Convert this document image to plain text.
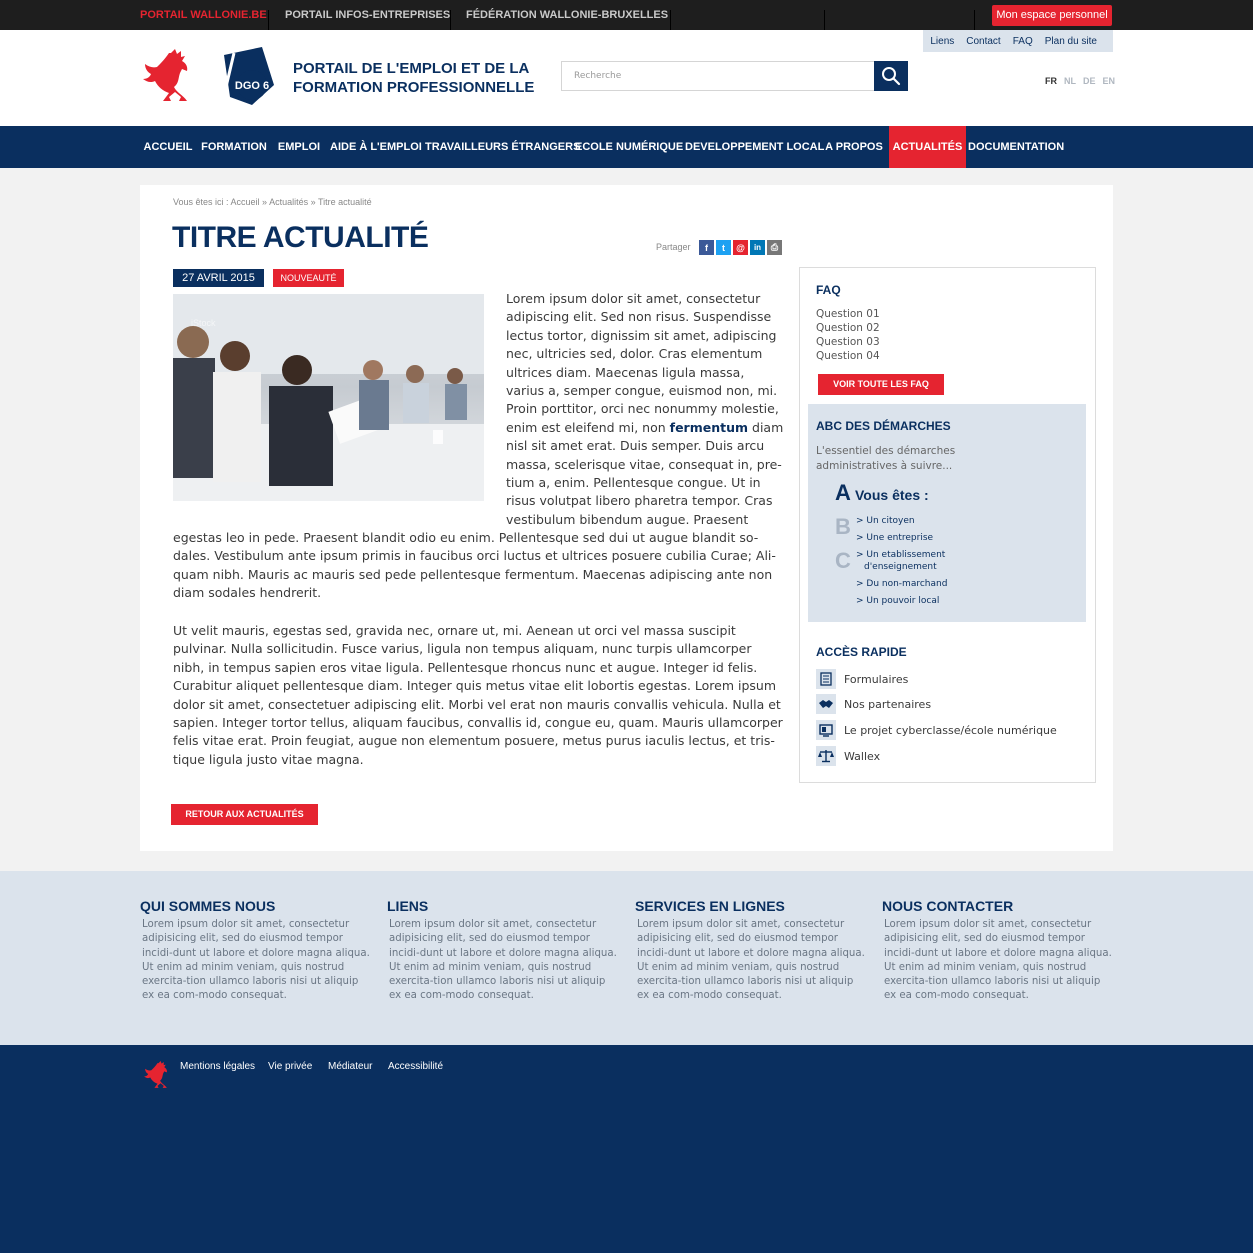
PORTAIL WALLONIE.BE PORTAIL INFOS-ENTREPRISES FÉDÉRATION WALLONIE-BRUXELLES	Mon espace personnel
DGO 6
PORTAIL DE L'EMPLOI ET DE LA FORMATION PROFESSIONNELLE
Recherche
Liens Contact FAQ Plan du site
FR NL DE EN
ACCUEIL FORMATION	EMPLOI AIDE À L'EMPLOI TRAVAILLEURS ÉTRANGERS
ECOLE NUMÉRIQUE DEVELOPPEMENT LOCAL A PROPOS ACTUALITÉS DOCUMENTATION
Vous êtes ici : Accueil » Actualités » Titre actualité
TITRE ACTUALITÉ	Partager	f	t	@	in	⎙
27 AVRIL 2015	NOUVEAUTÉ
iStock
Lorem ipsum dolor sit amet, consectetur adipiscing elit. Sed non risus. Suspendisse lectus tortor, dignissim sit amet, adipiscing nec, ultricies sed, dolor. Cras elementum ultrices diam. Maecenas ligula massa, varius a, semper congue, euismod non, mi. Proin porttitor, orci nec nonummy molestie, enim est eleifend mi, non fermentum diam nisl sit amet erat. Duis semper. Duis arcu massa, scelerisque vitae, consequat in, pre-tium a, enim. Pellentesque congue. Ut in risus volutpat libero pharetra tempor. Cras vestibulum bibendum augue. Praesent
egestas leo in pede. Praesent blandit odio eu enim. Pellentesque sed dui ut augue blandit so-dales. Vestibulum ante ipsum primis in faucibus orci luctus et ultrices posuere cubilia Curae; Ali-quam nibh. Mauris ac mauris sed pede pellentesque fermentum. Maecenas adipiscing ante non diam sodales hendrerit.
Ut velit mauris, egestas sed, gravida nec, ornare ut, mi. Aenean ut orci vel massa suscipit pulvinar. Nulla sollicitudin. Fusce varius, ligula non tempus aliquam, nunc turpis ullamcorper nibh, in tempus sapien eros vitae ligula. Pellentesque rhoncus nunc et augue. Integer id felis. Curabitur aliquet pellentesque diam. Integer quis metus vitae elit lobortis egestas. Lorem ipsum dolor sit amet, consectetuer adipiscing elit. Morbi vel erat non mauris convallis vehicula. Nulla et sapien. Integer tortor tellus, aliquam faucibus, convallis id, congue eu, quam. Mauris ullamcorper felis vitae erat. Proin feugiat, augue non elementum posuere, metus purus iaculis lectus, et tris-tique ligula justo vitae magna.
RETOUR AUX ACTUALITÉS
FAQ
Question 01
Question 02
Question 03
Question 04
VOIR TOUTE LES FAQ
ABC DES DÉMARCHES
L'essentiel des démarches administratives à suivre...
A
B
C
Vous êtes :
> Un citoyen
> Une entreprise
> Un etablissement
d'enseignement
> Du non-marchand
> Un pouvoir local
ACCÈS RAPIDE
Formulaires
Nos partenaires
Le projet cyberclasse/école numérique
Wallex
QUI SOMMES NOUS
Lorem ipsum dolor sit amet, consectetur adipisicing elit, sed do eiusmod tempor incidi-dunt ut labore et dolore magna aliqua. Ut enim ad minim veniam, quis nostrud exercita-tion ullamco laboris nisi ut aliquip ex ea com-modo consequat.
LIENS
Lorem ipsum dolor sit amet, consectetur adipisicing elit, sed do eiusmod tempor incidi-dunt ut labore et dolore magna aliqua. Ut enim ad minim veniam, quis nostrud exercita-tion ullamco laboris nisi ut aliquip ex ea com-modo consequat.
SERVICES EN LIGNES
Lorem ipsum dolor sit amet, consectetur adipisicing elit, sed do eiusmod tempor incidi-dunt ut labore et dolore magna aliqua. Ut enim ad minim veniam, quis nostrud exercita-tion ullamco laboris nisi ut aliquip ex ea com-modo consequat.
NOUS CONTACTER
Lorem ipsum dolor sit amet, consectetur adipisicing elit, sed do eiusmod tempor incidi-dunt ut labore et dolore magna aliqua. Ut enim ad minim veniam, quis nostrud exercita-tion ullamco laboris nisi ut aliquip ex ea com-modo consequat.
Mentions légales Vie privée Médiateur Accessibilité
